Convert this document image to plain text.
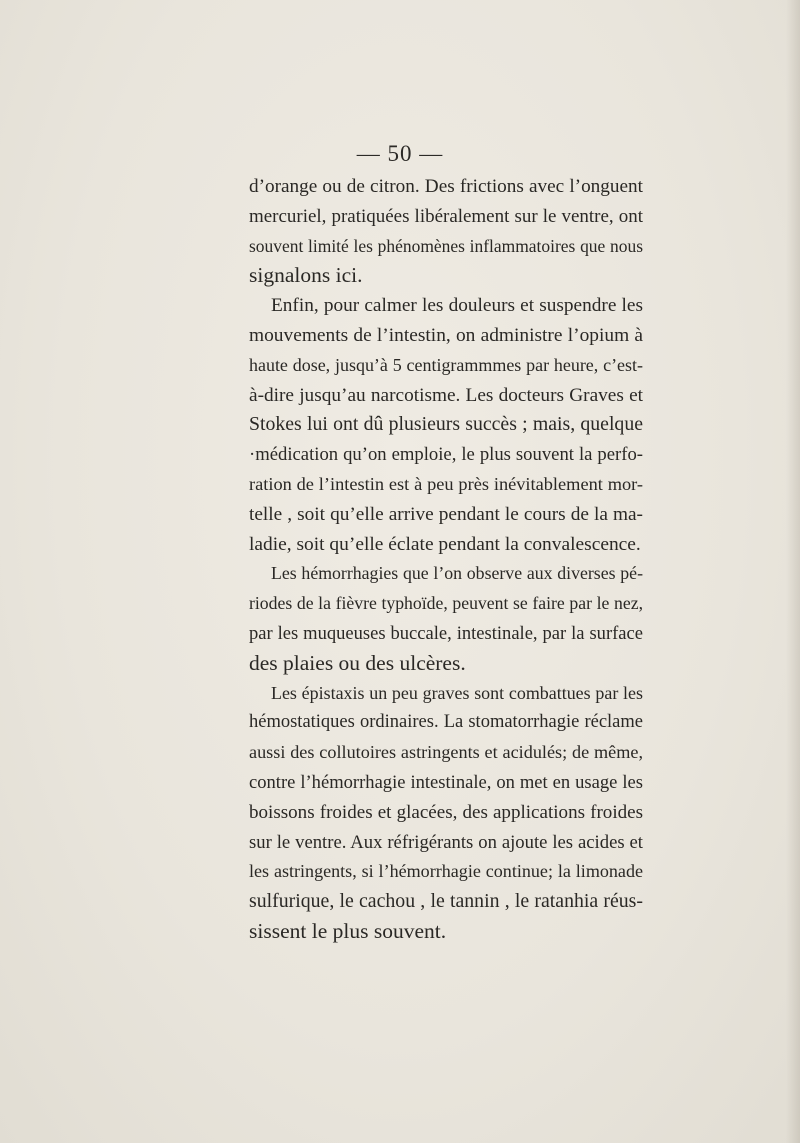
— 50 —
d’orange ou de citron. Des frictions avec l’onguent
mercuriel, pratiquées libéralement sur le ventre, ont
souvent limité les phénomènes inflammatoires que nous
signalons ici.
Enfin, pour calmer les douleurs et suspendre les
mouvements de l’intestin, on administre l’opium à
haute dose, jusqu’à 5 centigrammmes par heure, c’est-
à-dire jusqu’au narcotisme. Les docteurs Graves et
Stokes lui ont dû plusieurs succès ; mais, quelque
·médication qu’on emploie, le plus souvent la perfo-
ration de l’intestin est à peu près inévitablement mor-
telle , soit qu’elle arrive pendant le cours de la ma-
ladie, soit qu’elle éclate pendant la convalescence.
Les hémorrhagies que l’on observe aux diverses pé-
riodes de la fièvre typhoïde, peuvent se faire par le nez,
par les muqueuses buccale, intestinale, par la surface
des plaies ou des ulcères.
Les épistaxis un peu graves sont combattues par les
hémostatiques ordinaires. La stomatorrhagie réclame
aussi des collutoires astringents et acidulés; de même,
contre l’hémorrhagie intestinale, on met en usage les
boissons froides et glacées, des applications froides
sur le ventre. Aux réfrigérants on ajoute les acides et
les astringents, si l’hémorrhagie continue; la limonade
sulfurique, le cachou , le tannin , le ratanhia réus-
sissent le plus souvent.
